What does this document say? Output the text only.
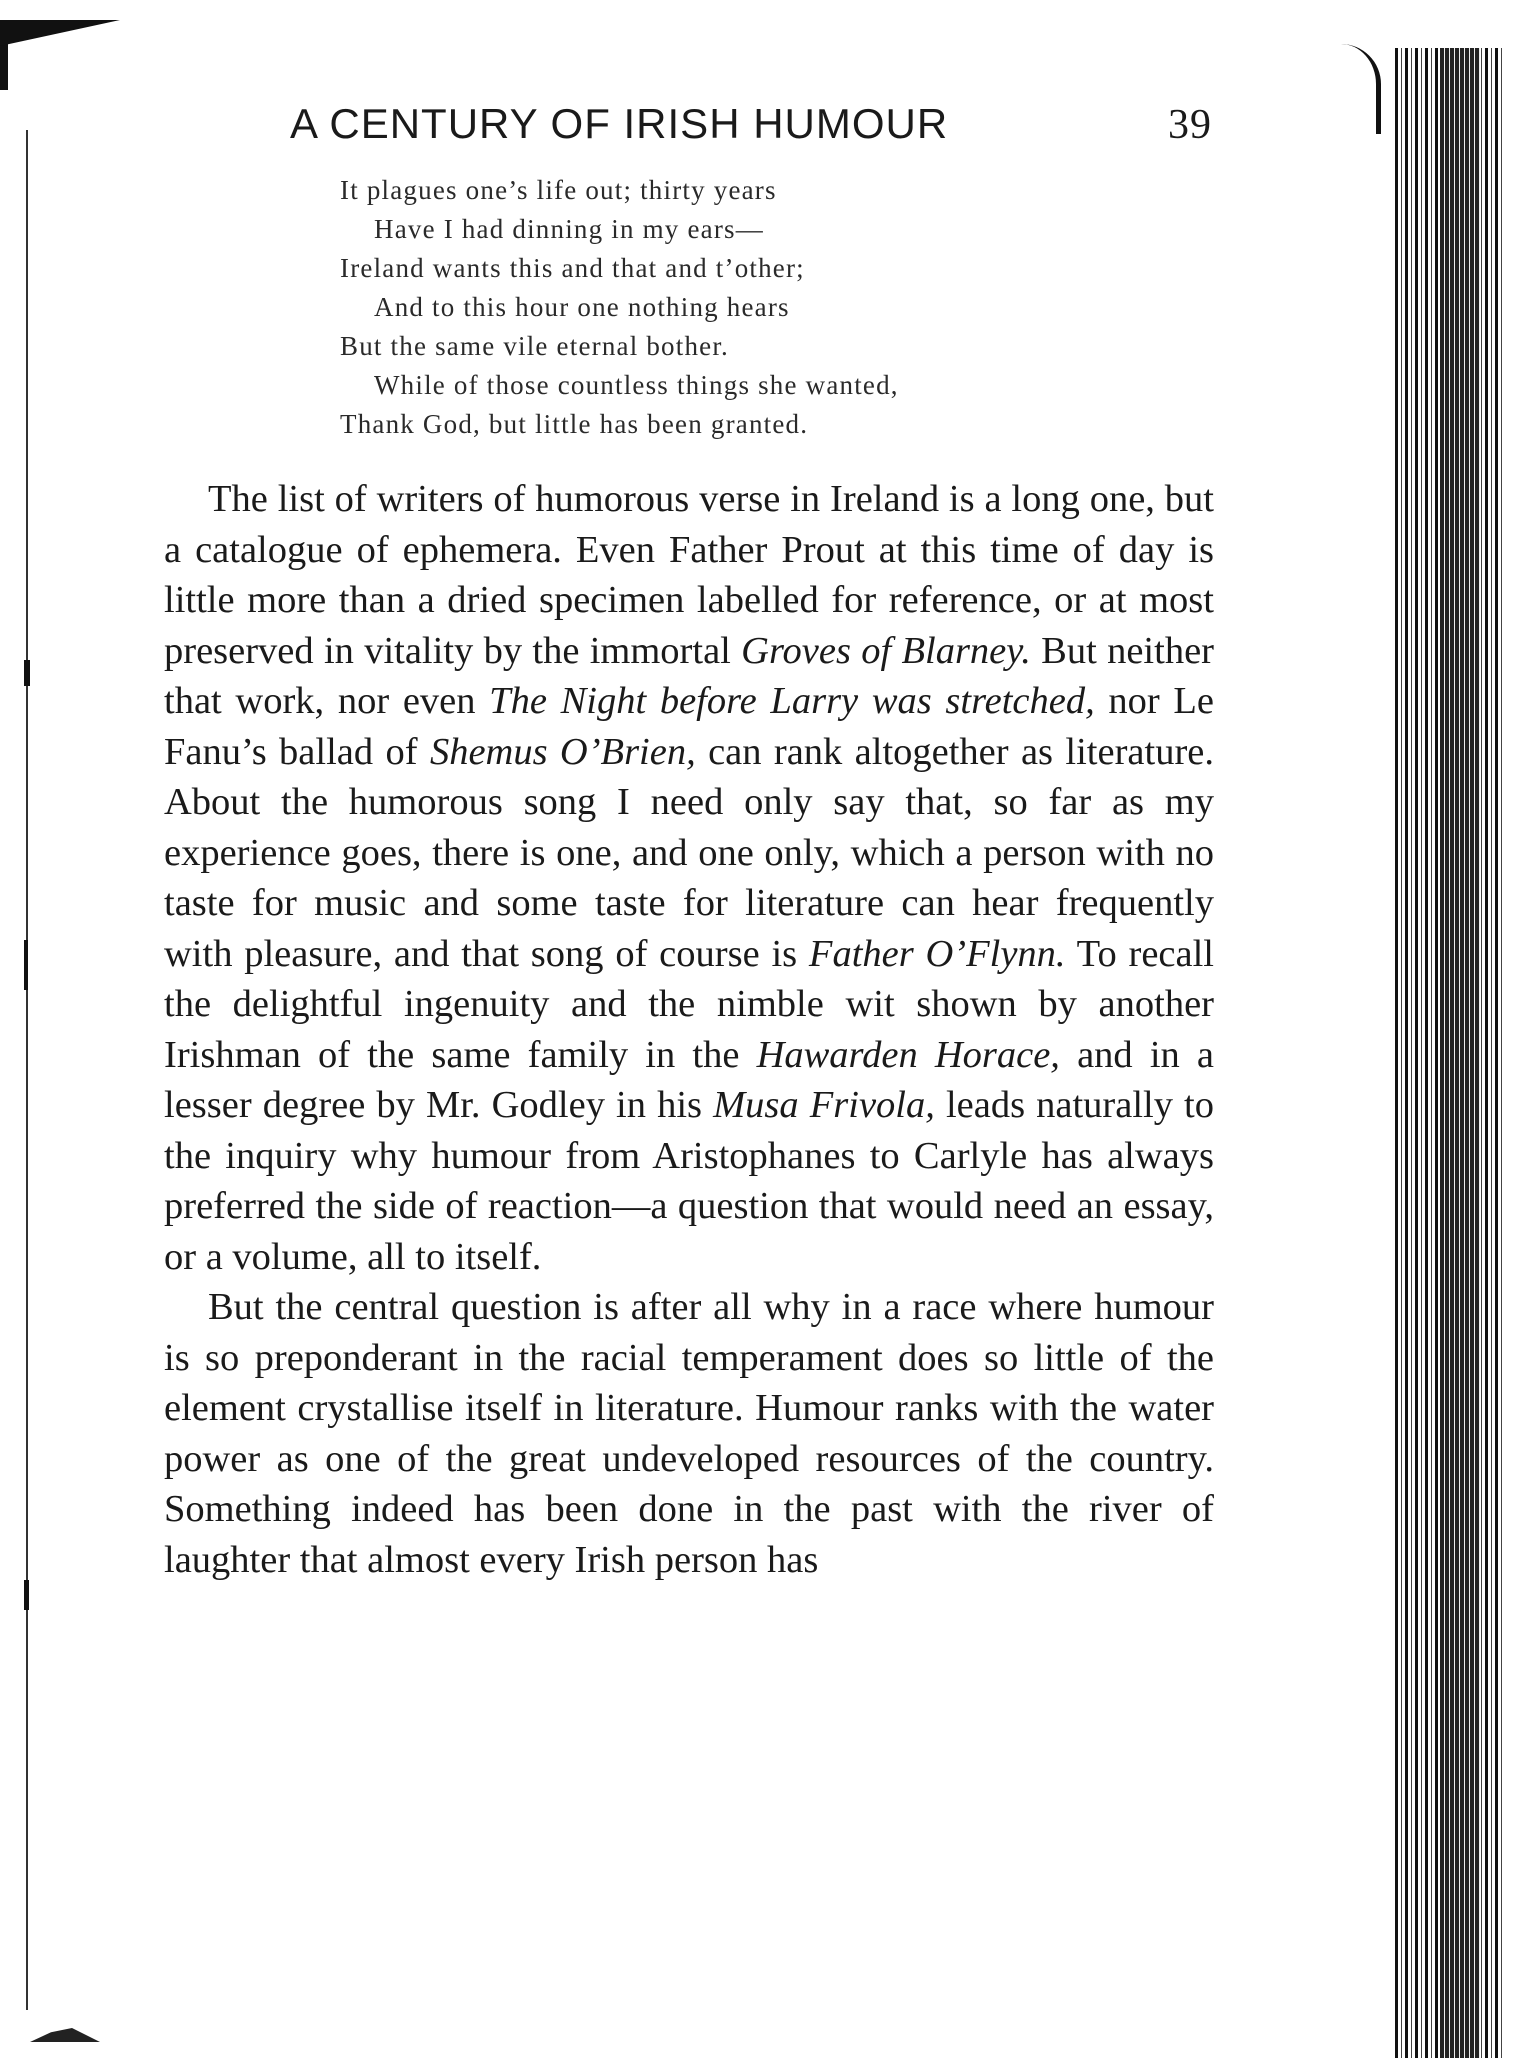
A CENTURY OF IRISH HUMOUR	39
It plagues one’s life out; thirty years
Have I had dinning in my ears—
Ireland wants this and that and t’other;
And to this hour one nothing hears
But the same vile eternal bother.
While of those countless things she wanted,
Thank God, but little has been granted.

The list of writers of humorous verse in Ireland is a long one, but a catalogue of ephemera. Even Father Prout at this time of day is little more than a dried specimen labelled for reference, or at most preserved in vitality by the immortal Groves of Blarney. But neither that work, nor even The Night before Larry was stretched, nor Le Fanu’s ballad of Shemus O’Brien, can rank altogether as literature. About the humorous song I need only say that, so far as my experience goes, there is one, and one only, which a person with no taste for music and some taste for literature can hear frequently with pleasure, and that song of course is Father O’Flynn. To recall the delightful ingenuity and the nimble wit shown by another Irishman of the same family in the Hawarden Horace, and in a lesser degree by Mr. Godley in his Musa Frivola, leads naturally to the inquiry why humour from Aristophanes to Carlyle has always preferred the side of reaction—a question that would need an essay, or a volume, all to itself.

But the central question is after all why in a race where humour is so preponderant in the racial temperament does so little of the element crystallise itself in literature. Humour ranks with the water power as one of the great undeveloped resources of the country. Something indeed has been done in the past with the river of laughter that almost every Irish person has
